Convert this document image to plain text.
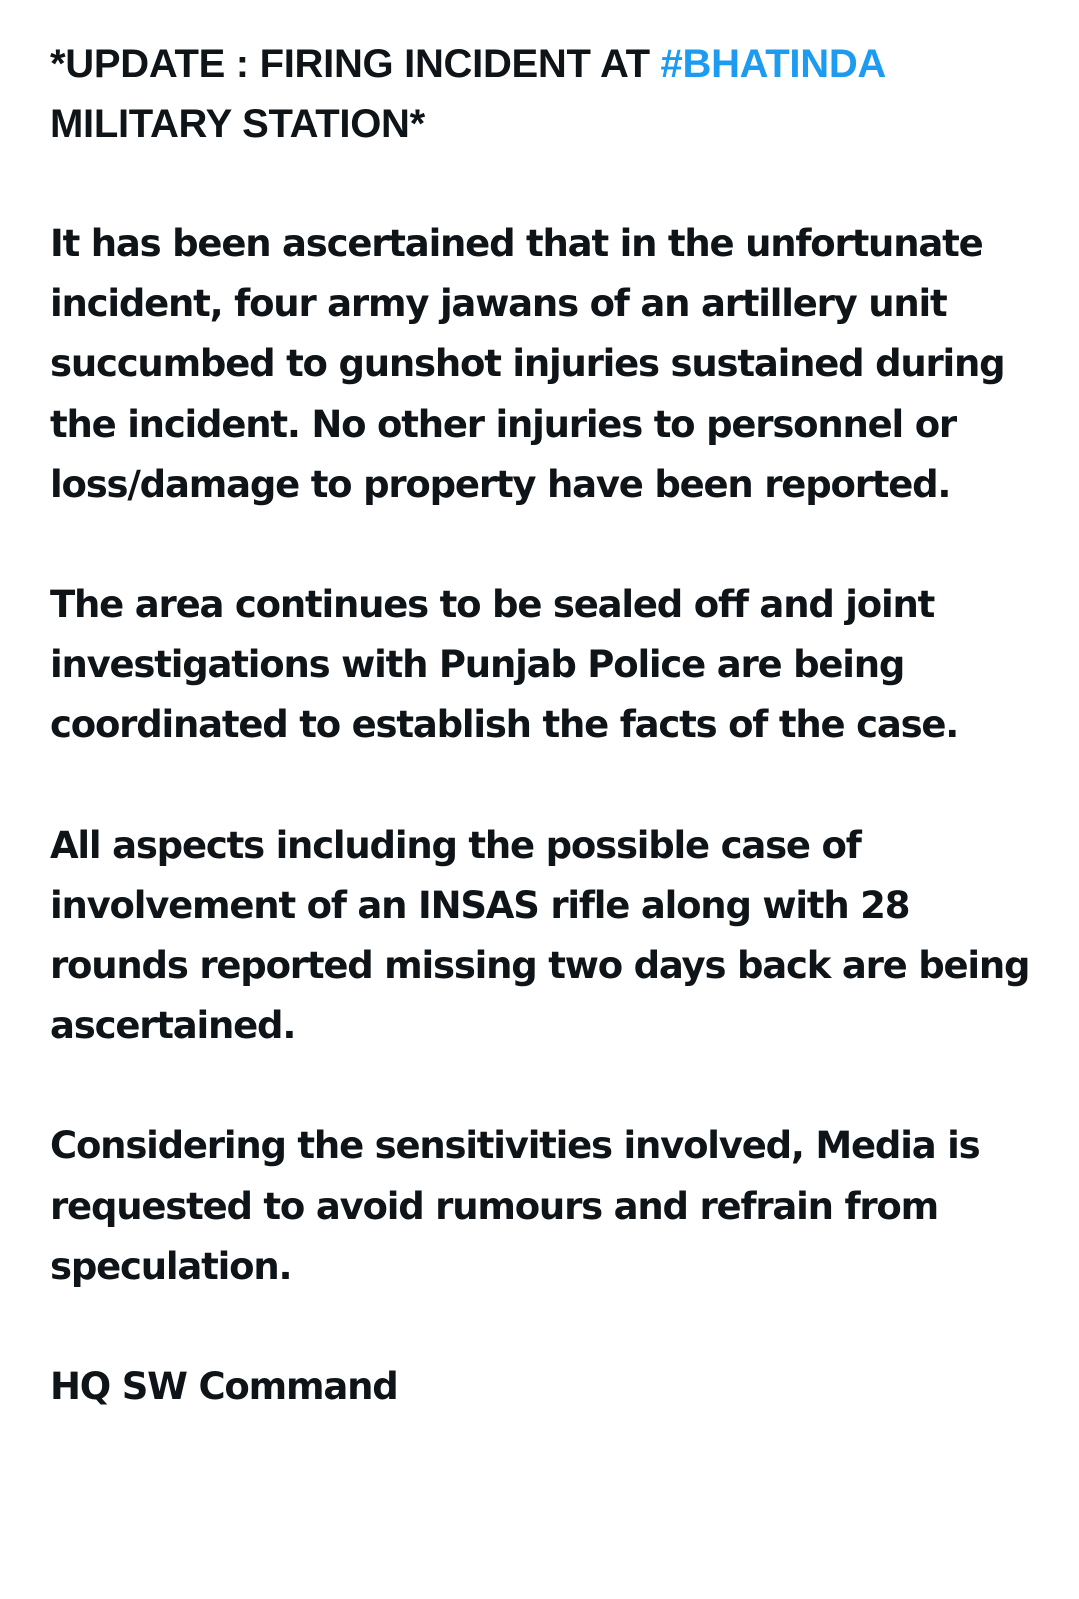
*UPDATE : FIRING INCIDENT AT #BHATINDA MILITARY STATION*

It has been ascertained that in the unfortunate incident, four army jawans of an artillery unit succumbed to gunshot injuries sustained during the incident. No other injuries to personnel or loss/damage to property have been reported.

The area continues to be sealed off and joint investigations with Punjab Police are being coordinated to establish the facts of the case.

All aspects including the possible case of involvement of an INSAS rifle along with 28 rounds reported missing two days back are being ascertained.

Considering the sensitivities involved, Media is requested to avoid rumours and refrain from speculation.

HQ SW Command
